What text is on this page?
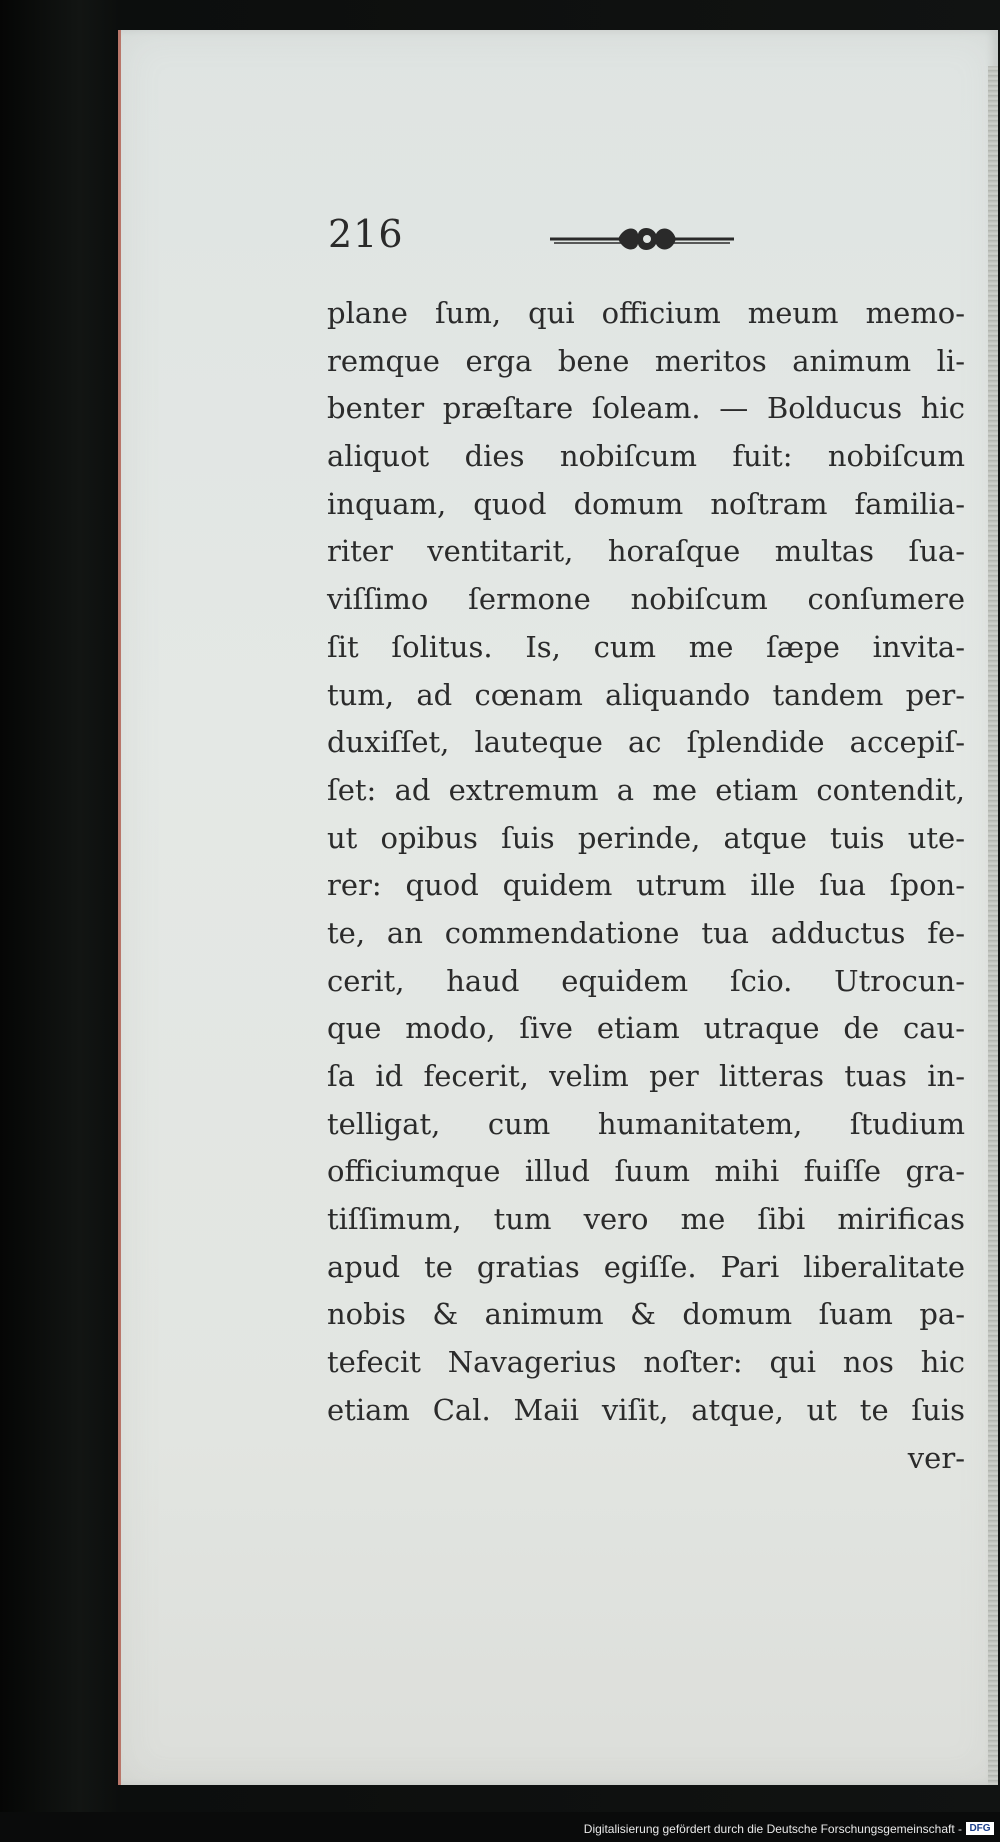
216
plane ſum, qui officium meum memo-
remque erga bene meritos animum li-
benter præſtare ſoleam. — Bolducus hic
aliquot dies nobiſcum fuit: nobiſcum
inquam, quod domum noſtram familia-
riter ventitarit, horaſque multas ſua-
viſſimo ſermone nobiſcum conſumere
ſit ſolitus. Is, cum me ſæpe invita-
tum, ad cœnam aliquando tandem per-
duxiſſet, lauteque ac ſplendide accepiſ-
ſet: ad extremum a me etiam contendit,
ut opibus ſuis perinde, atque tuis ute-
rer: quod quidem utrum ille ſua ſpon-
te, an commendatione tua adductus fe-
cerit, haud equidem ſcio. Utrocun-
que modo, ſive etiam utraque de cau-
ſa id fecerit, velim per litteras tuas in-
telligat, cum humanitatem, ſtudium
officiumque illud ſuum mihi fuiſſe gra-
tiſſimum, tum vero me ſibi mirificas
apud te gratias egiſſe. Pari liberalitate
nobis & animum & domum ſuam pa-
tefecit Navagerius noſter: qui nos hic
etiam Cal. Maii viſit, atque, ut te ſuis
ver-
Digitalisierung gefördert durch die Deutsche Forschungsgemeinschaft - DFG
